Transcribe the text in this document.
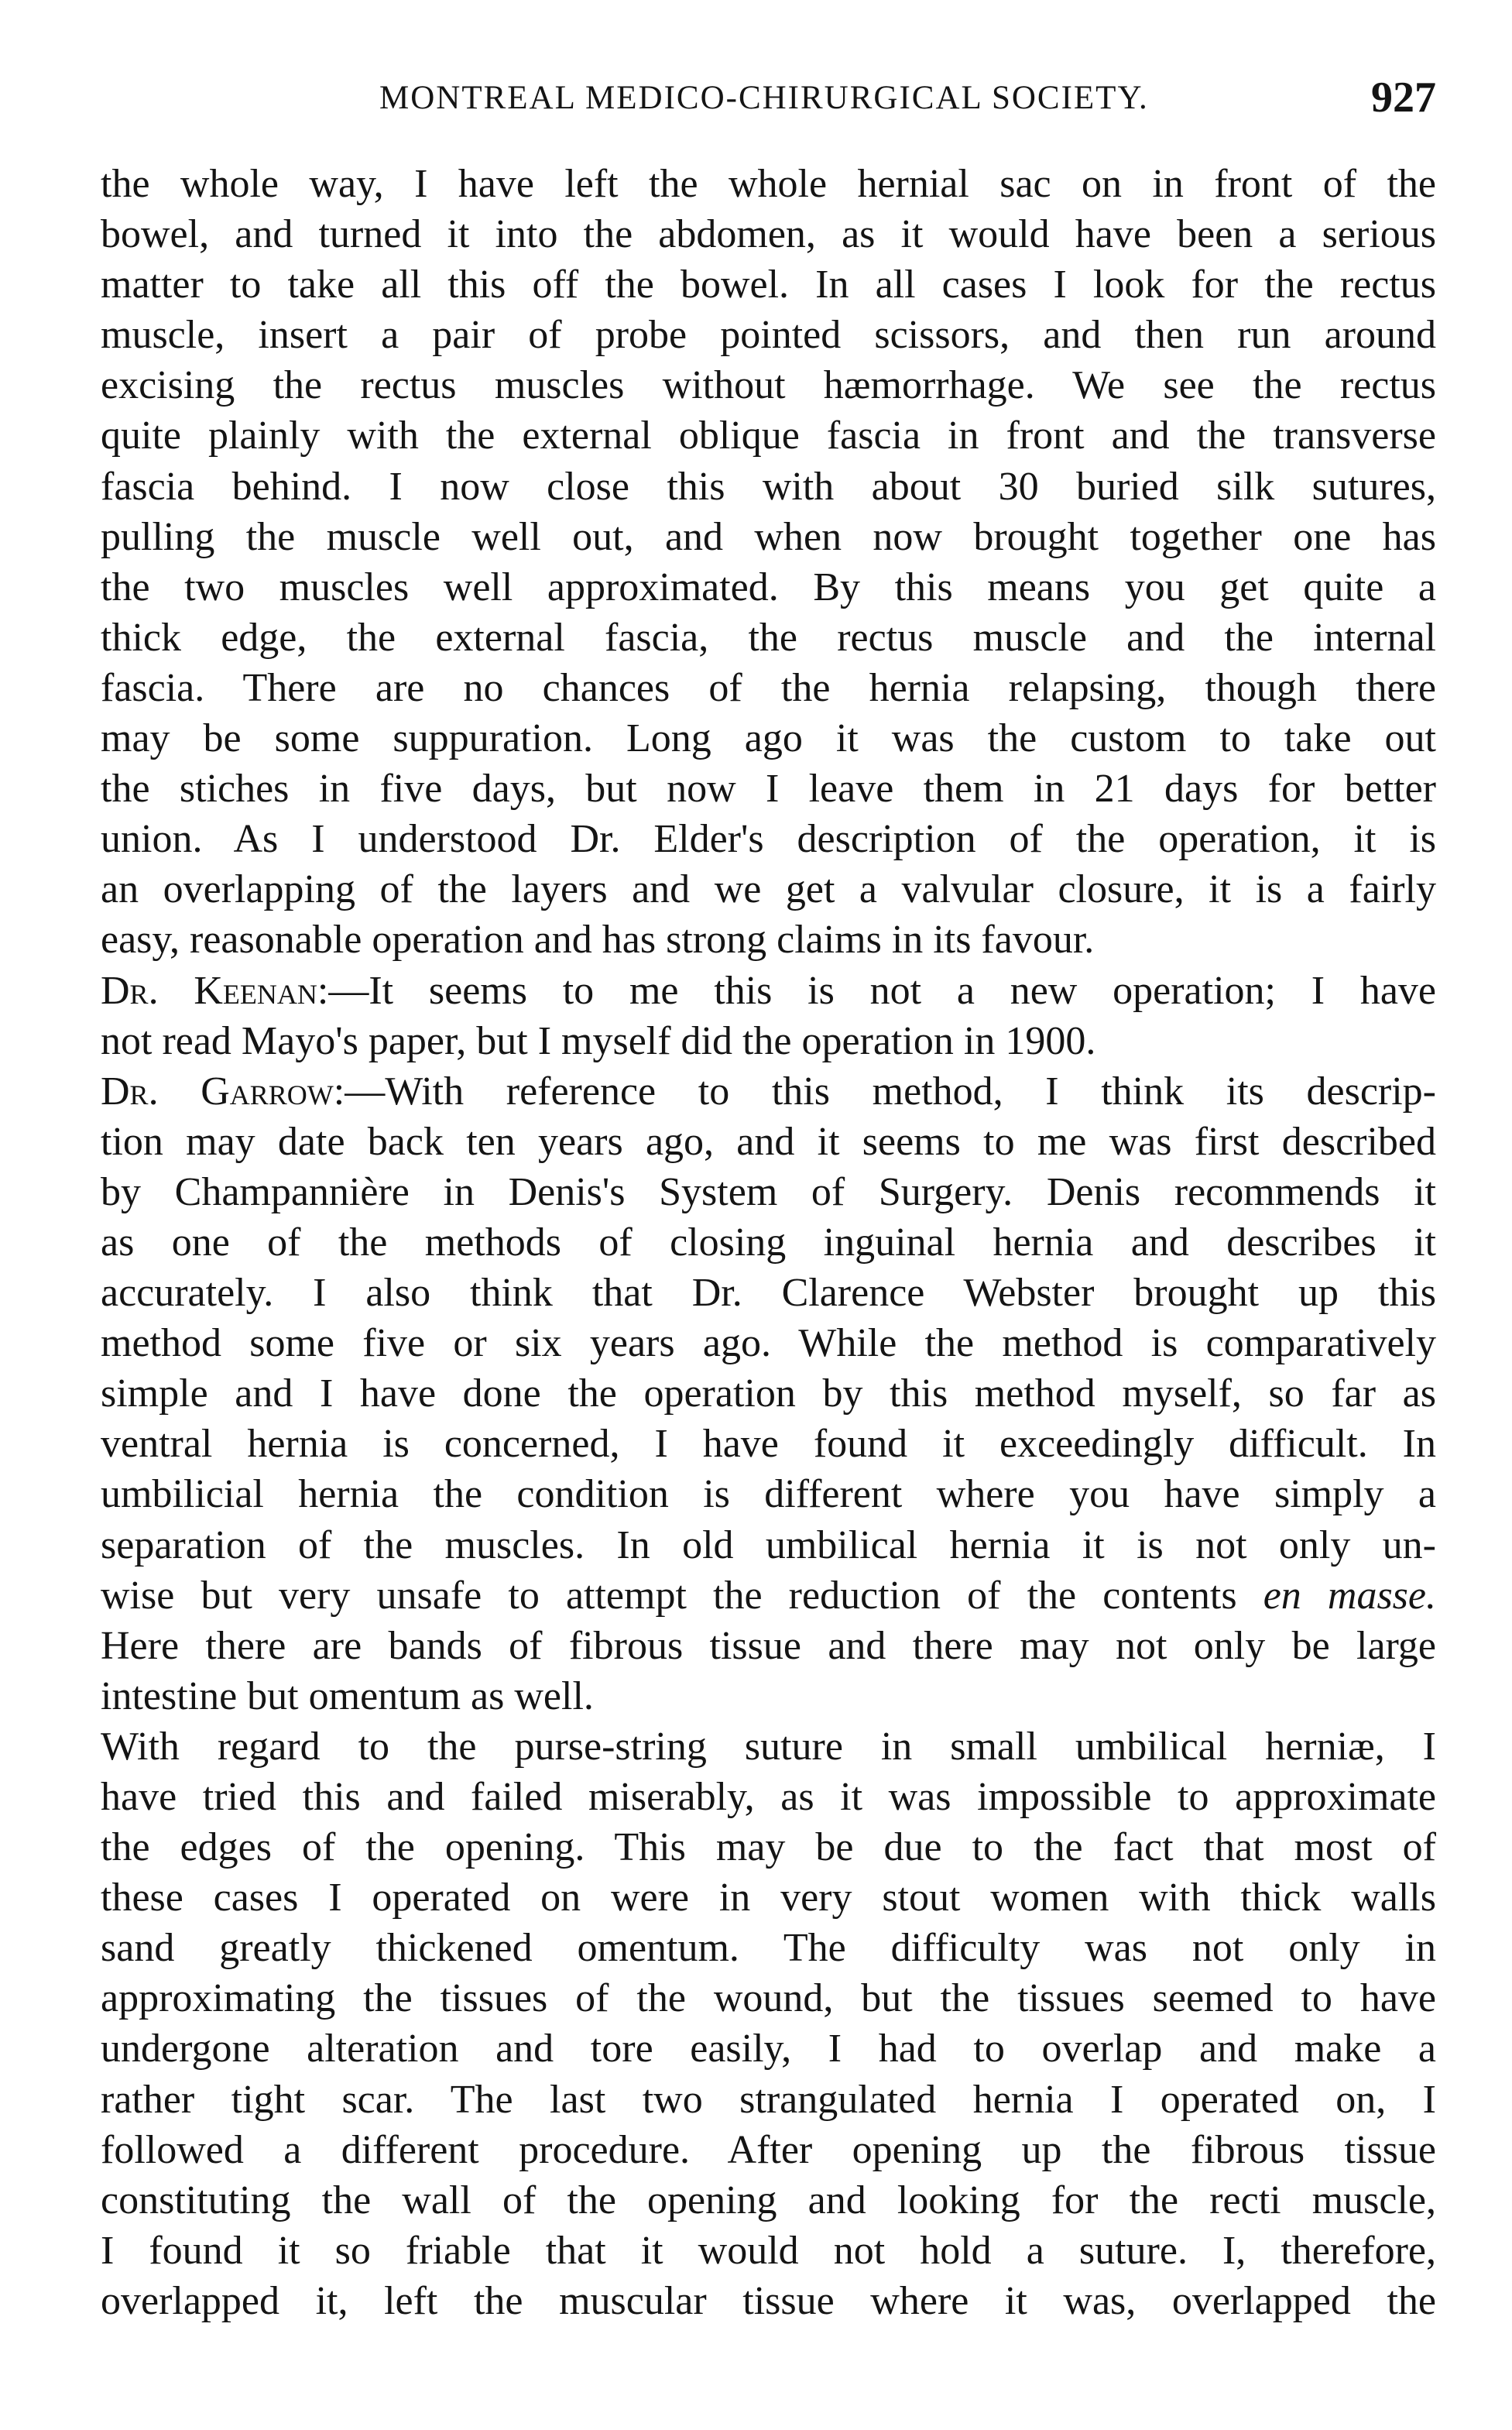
MONTREAL MEDICO-CHIRURGICAL SOCIETY.	927
the whole way, I have left the whole hernial sac on in front of the
bowel, and turned it into the abdomen, as it would have been a serious
matter to take all this off the bowel. In all cases I look for the rectus
muscle, insert a pair of probe pointed scissors, and then run around
excising the rectus muscles without hæmorrhage. We see the rectus
quite plainly with the external oblique fascia in front and the transverse
fascia behind. I now close this with about 30 buried silk sutures,
pulling the muscle well out, and when now brought together one has
the two muscles well approximated. By this means you get quite a
thick edge, the external fascia, the rectus muscle and the internal
fascia. There are no chances of the hernia relapsing, though there
may be some suppuration. Long ago it was the custom to take out
the stiches in five days, but now I leave them in 21 days for better
union. As I understood Dr. Elder's description of the operation, it is
an overlapping of the layers and we get a valvular closure, it is a fairly
easy, reasonable operation and has strong claims in its favour.
Dr. Keenan:—It seems to me this is not a new operation; I have
not read Mayo's paper, but I myself did the operation in 1900.
Dr. Garrow:—With reference to this method, I think its descrip-
tion may date back ten years ago, and it seems to me was first described
by Champannière in Denis's System of Surgery. Denis recommends it
as one of the methods of closing inguinal hernia and describes it
accurately. I also think that Dr. Clarence Webster brought up this
method some five or six years ago. While the method is comparatively
simple and I have done the operation by this method myself, so far as
ventral hernia is concerned, I have found it exceedingly difficult. In
umbilicial hernia the condition is different where you have simply a
separation of the muscles. In old umbilical hernia it is not only un-
wise but very unsafe to attempt the reduction of the contents en masse.
Here there are bands of fibrous tissue and there may not only be large
intestine but omentum as well.
With regard to the purse-string suture in small umbilical herniæ, I
have tried this and failed miserably, as it was impossible to approximate
the edges of the opening. This may be due to the fact that most of
these cases I operated on were in very stout women with thick walls
sand greatly thickened omentum. The difficulty was not only in
approximating the tissues of the wound, but the tissues seemed to have
undergone alteration and tore easily, I had to overlap and make a
rather tight scar. The last two strangulated hernia I operated on, I
followed a different procedure. After opening up the fibrous tissue
constituting the wall of the opening and looking for the recti muscle,
I found it so friable that it would not hold a suture. I, therefore,
overlapped it, left the muscular tissue where it was, overlapped the
